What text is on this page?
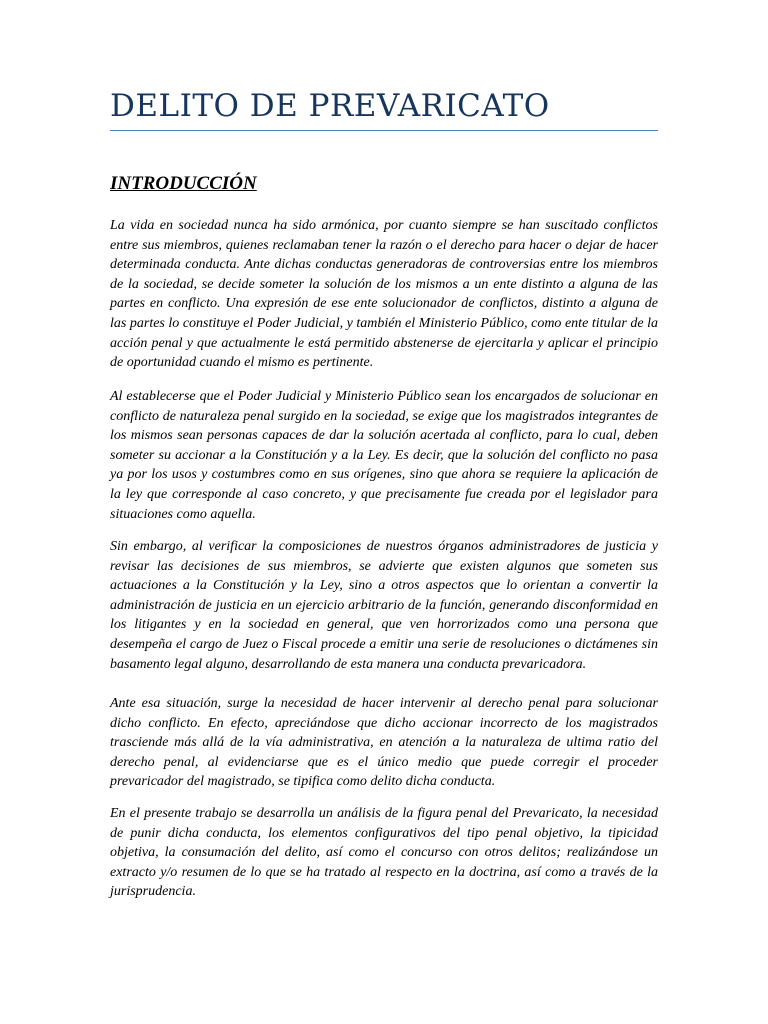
DELITO DE PREVARICATO
INTRODUCCIÓN

La vida en sociedad nunca ha sido armónica, por cuanto siempre se han suscitado conflictos entre sus miembros, quienes reclamaban tener la razón o el derecho para hacer o dejar de hacer determinada conducta. Ante dichas conductas generadoras de controversias entre los miembros de la sociedad, se decide someter la solución de los mismos a un ente distinto a alguna de las partes en conflicto. Una expresión de ese ente solucionador de conflictos, distinto a alguna de las partes lo constituye el Poder Judicial, y también el Ministerio Público, como ente titular de la acción penal y que actualmente le está permitido abstenerse de ejercitarla y aplicar el principio de oportunidad cuando el mismo es pertinente.

Al establecerse que el Poder Judicial y Ministerio Público sean los encargados de solucionar en conflicto de naturaleza penal surgido en la sociedad, se exige que los magistrados integrantes de los mismos sean personas capaces de dar la solución acertada al conflicto, para lo cual, deben someter su accionar a la Constitución y a la Ley. Es decir, que la solución del conflicto no pasa ya por los usos y costumbres como en sus orígenes, sino que ahora se requiere la aplicación de la ley que corresponde al caso concreto, y que precisamente fue creada por el legislador para situaciones como aquella.

Sin embargo, al verificar la composiciones de nuestros órganos administradores de justicia y revisar las decisiones de sus miembros, se advierte que existen algunos que someten sus actuaciones a la Constitución y la Ley, sino a otros aspectos que lo orientan a convertir la administración de justicia en un ejercicio arbitrario de la función, generando disconformidad en los litigantes y en la sociedad en general, que ven horrorizados como una persona que desempeña el cargo de Juez o Fiscal procede a emitir una serie de resoluciones o dictámenes sin basamento legal alguno, desarrollando de esta manera una conducta prevaricadora.

Ante esa situación, surge la necesidad de hacer intervenir al derecho penal para solucionar dicho conflicto. En efecto, apreciándose que dicho accionar incorrecto de los magistrados trasciende más allá de la vía administrativa, en atención a la naturaleza de ultima ratio del derecho penal, al evidenciarse que es el único medio que puede corregir el proceder prevaricador del magistrado, se tipifica como delito dicha conducta.

En el presente trabajo se desarrolla un análisis de la figura penal del Prevaricato, la necesidad de punir dicha conducta, los elementos configurativos del tipo penal objetivo, la tipicidad objetiva, la consumación del delito, así como el concurso con otros delitos; realizándose un extracto y/o resumen de lo que se ha tratado al respecto en la doctrina, así como a través de la jurisprudencia.
